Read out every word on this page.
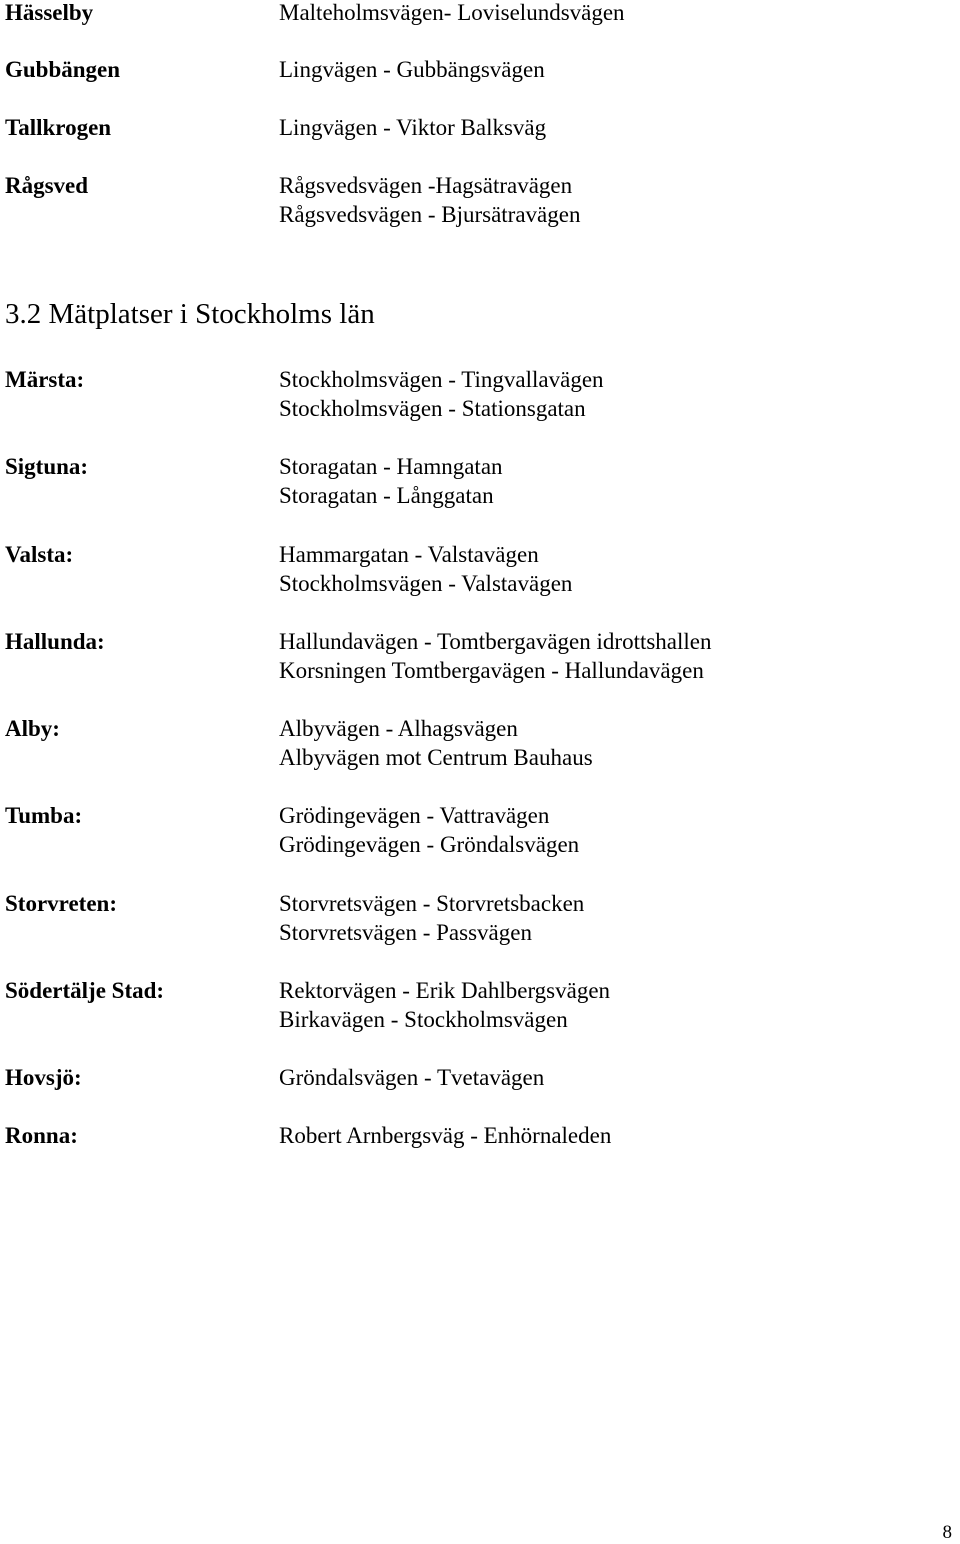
Hässelby	Malteholmsvägen- Loviselundsvägen
Gubbängen	Lingvägen - Gubbängsvägen
Tallkrogen	Lingvägen - Viktor Balksväg
Rågsved	Rågsvedsvägen -Hagsätravägen
Rågsvedsvägen - Bjursätravägen
3.2 Mätplatser i Stockholms län
Märsta:	Stockholmsvägen - Tingvallavägen
Stockholmsvägen - Stationsgatan
Sigtuna:	Storagatan - Hamngatan
Storagatan - Långgatan
Valsta:	Hammargatan - Valstavägen
Stockholmsvägen - Valstavägen
Hallunda:	Hallundavägen - Tomtbergavägen idrottshallen
Korsningen Tomtbergavägen - Hallundavägen
Alby:	Albyvägen - Alhagsvägen
Albyvägen mot Centrum Bauhaus
Tumba:	Grödingevägen - Vattravägen
Grödingevägen - Gröndalsvägen
Storvreten:	Storvretsvägen - Storvretsbacken
Storvretsvägen - Passvägen
Södertälje Stad:	Rektorvägen - Erik Dahlbergsvägen
Birkavägen - Stockholmsvägen
Hovsjö:	Gröndalsvägen - Tvetavägen
Ronna:	Robert Arnbergsväg - Enhörnaleden
8
